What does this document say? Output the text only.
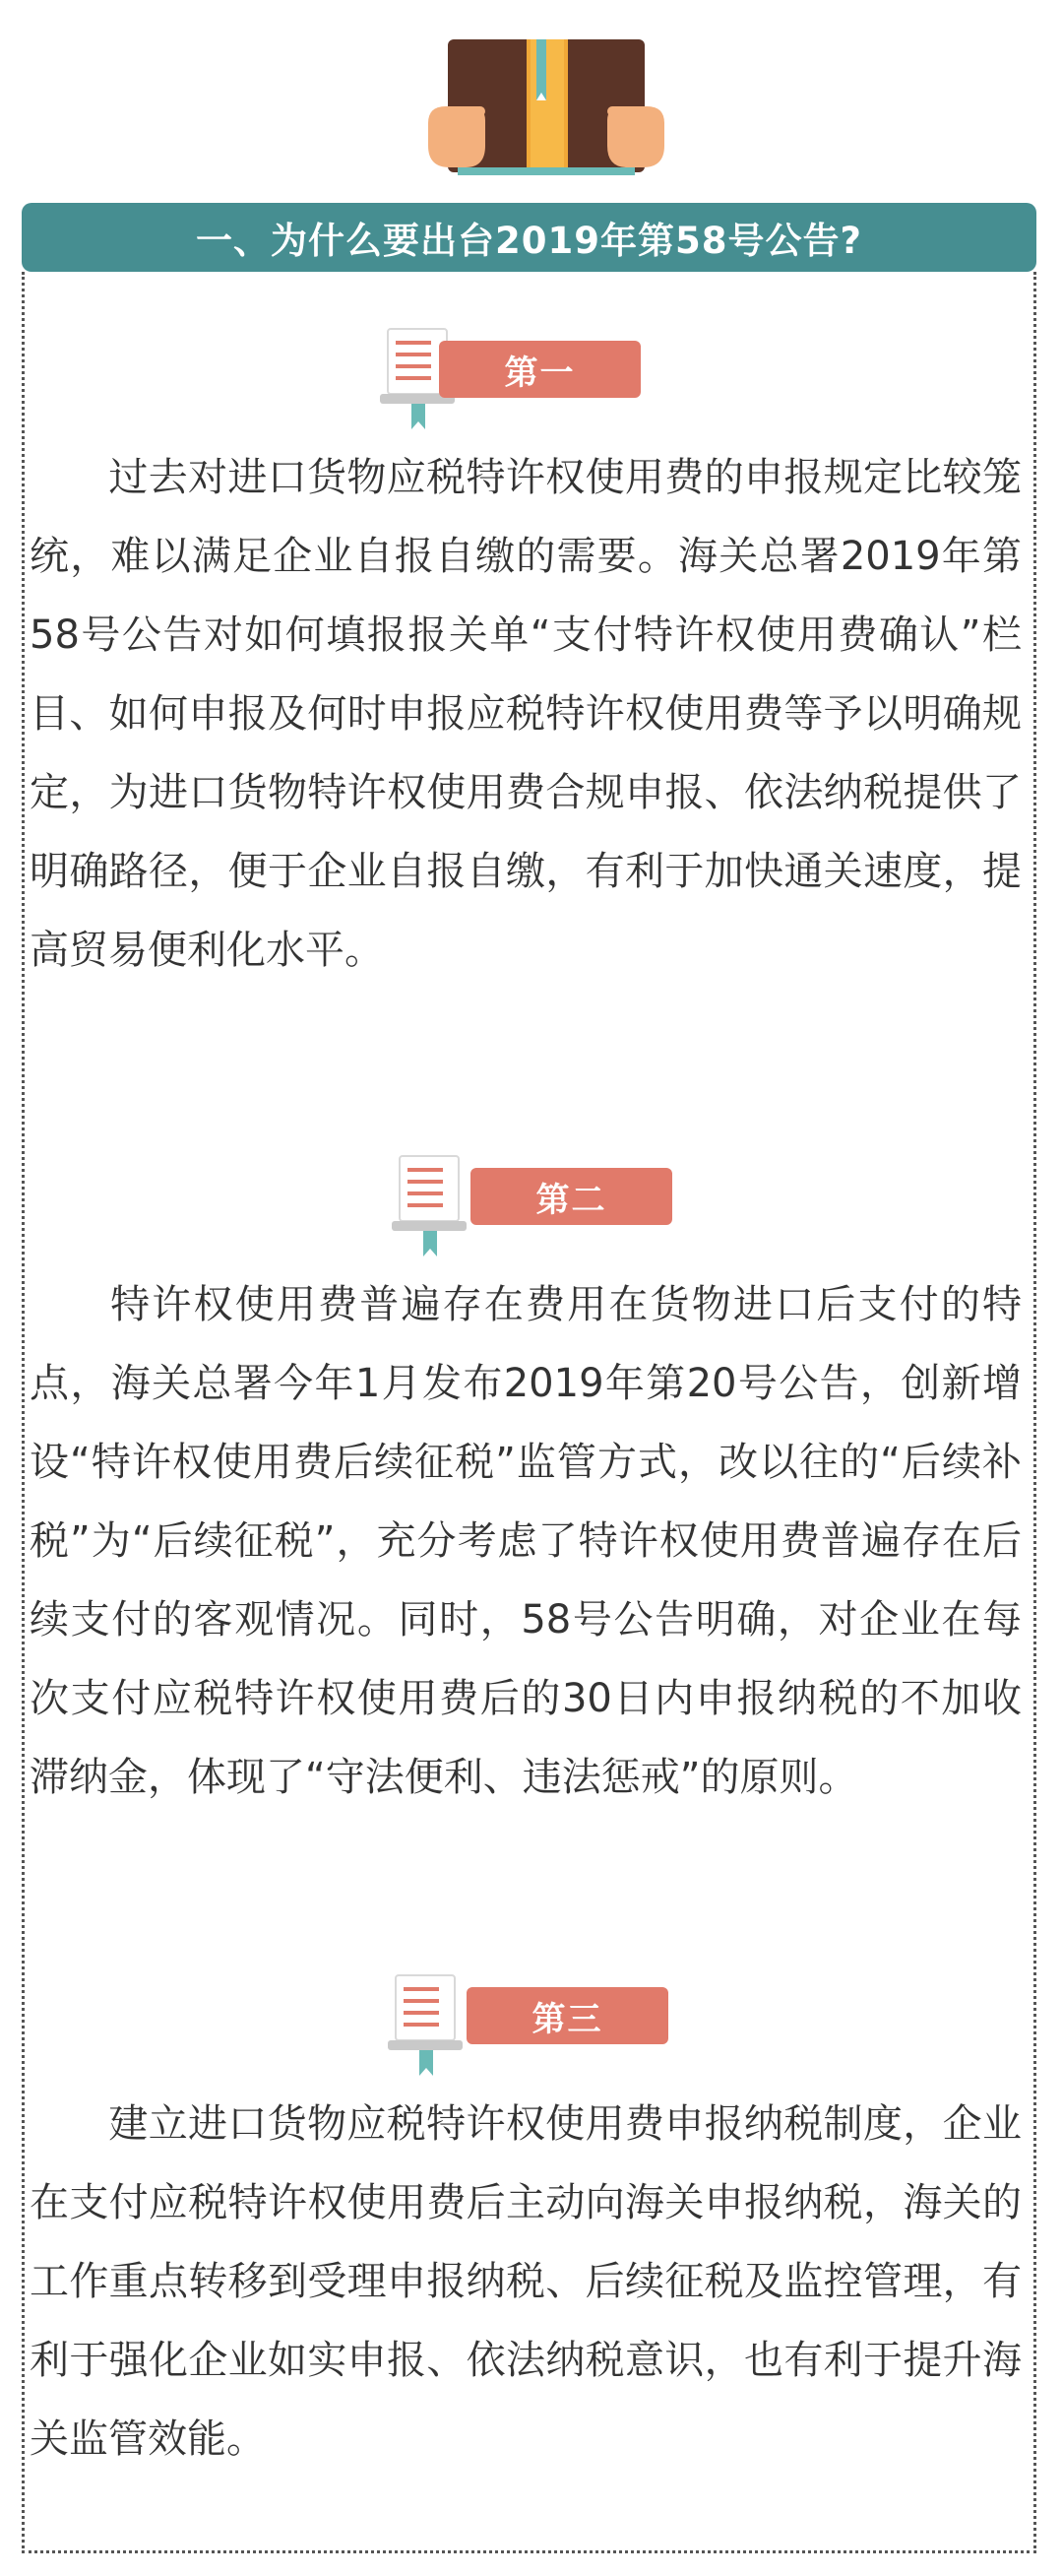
一、为什么要出台2019年第58号公告?
第一

过去对进口货物应税特许权使用费的申报规定比较笼统，难以满足企业自报自缴的需要。海关总署2019年第58号公告对如何填报报关单“支付特许权使用费确认”栏目、如何申报及何时申报应税特许权使用费等予以明确规定，为进口货物特许权使用费合规申报、依法纳税提供了明确路径，便于企业自报自缴，有利于加快通关速度，提高贸易便利化水平。

第二

特许权使用费普遍存在费用在货物进口后支付的特点，海关总署今年1月发布2019年第20号公告，创新增设“特许权使用费后续征税”监管方式，改以往的“后续补税”为“后续征税”，充分考虑了特许权使用费普遍存在后续支付的客观情况。同时，58号公告明确，对企业在每次支付应税特许权使用费后的30日内申报纳税的不加收滞纳金，体现了“守法便利、违法惩戒”的原则。

第三

建立进口货物应税特许权使用费申报纳税制度，企业在支付应税特许权使用费后主动向海关申报纳税，海关的工作重点转移到受理申报纳税、后续征税及监控管理，有利于强化企业如实申报、依法纳税意识，也有利于提升海关监管效能。
